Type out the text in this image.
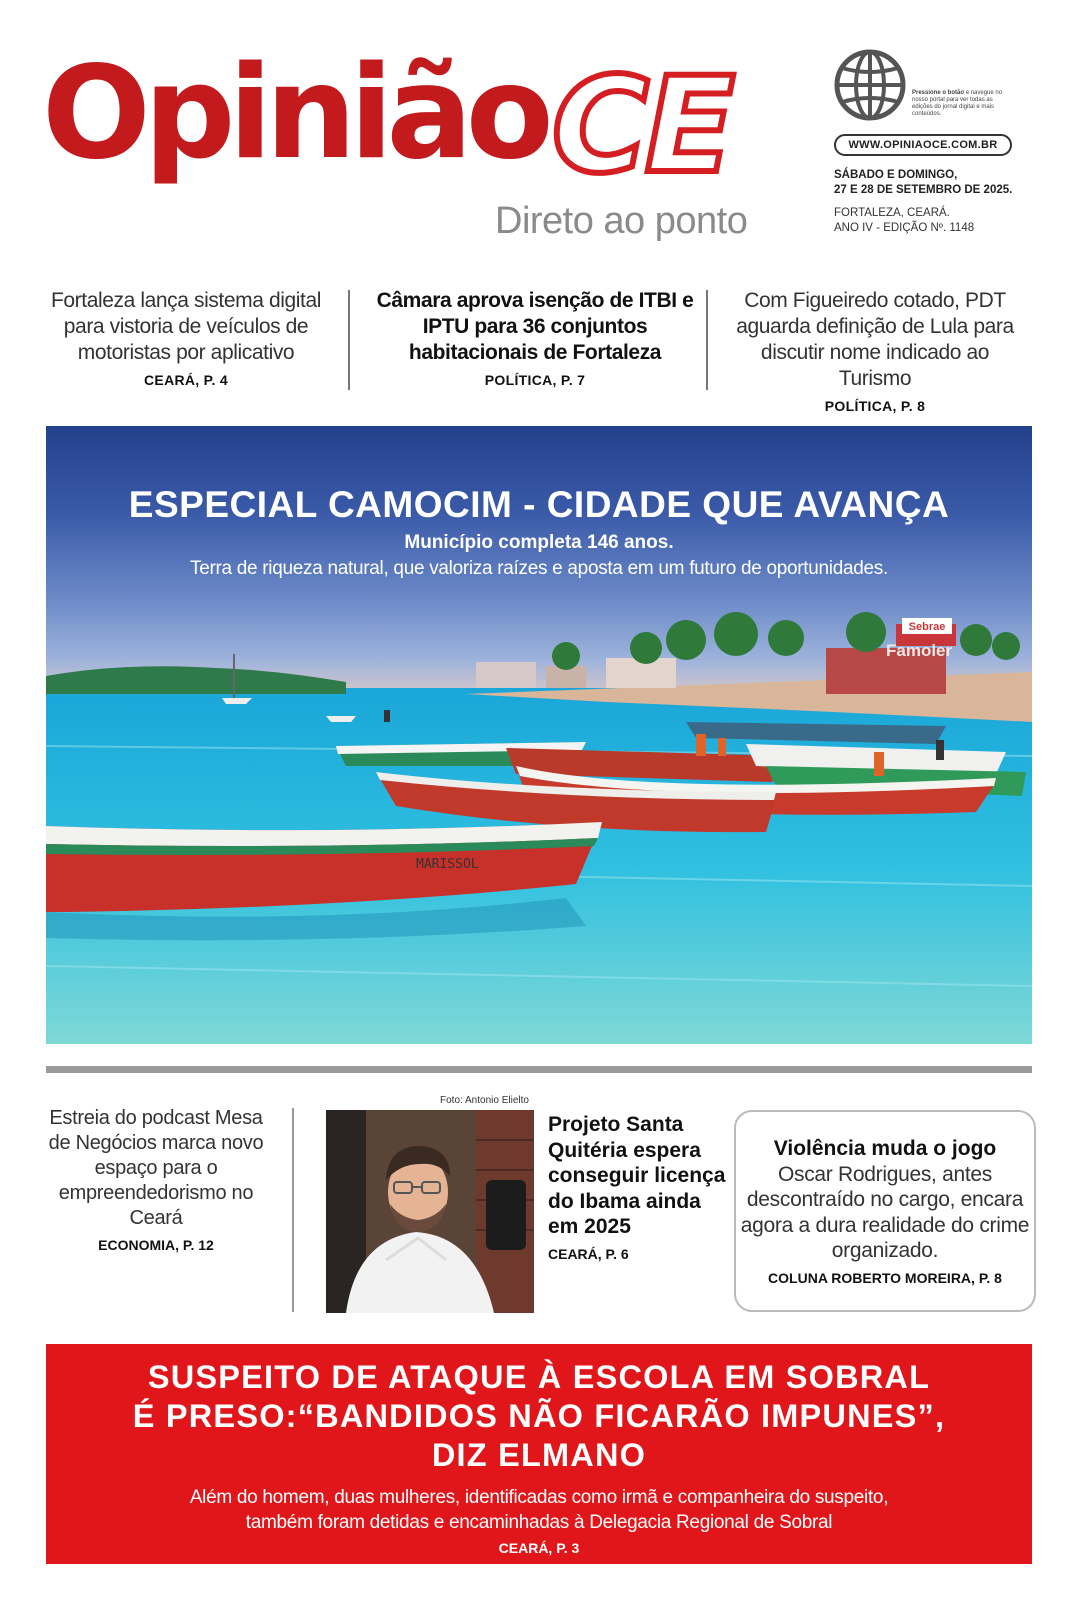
Opinião CE
Direto ao ponto
Pressione o botão e navegue no nosso portal para ver todas as edições do jornal digital e mais conteúdos.
WWW.OPINIAOCE.COM.BR
SÁBADO E DOMINGO,
27 E 28 DE SETEMBRO DE 2025.
FORTALEZA, CEARÁ.
ANO IV - EDIÇÃO Nº. 1148
Fortaleza lança sistema digital para vistoria de veículos de motoristas por aplicativo
CEARÁ, P. 4
Câmara aprova isenção de ITBI e IPTU para 36 conjuntos habitacionais de Fortaleza
POLÍTICA, P. 7
Com Figueiredo cotado, PDT aguarda definição de Lula para discutir nome indicado ao Turismo
POLÍTICA, P. 8
MARISSOL
Sebrae
Famoler
ESPECIAL CAMOCIM - CIDADE QUE AVANÇA
Município completa 146 anos.
Terra de riqueza natural, que valoriza raízes e aposta em um futuro de oportunidades.
Estreia do podcast Mesa de Negócios marca novo espaço para o empreendedorismo no Ceará
ECONOMIA, P. 12
Foto: Antonio Elielto
Projeto Santa Quitéria espera conseguir licença do Ibama ainda em 2025
CEARÁ, P. 6
Violência muda o jogo
Oscar Rodrigues, antes descontraído no cargo, encara agora a dura realidade do crime organizado.
COLUNA ROBERTO MOREIRA, P. 8
SUSPEITO DE ATAQUE À ESCOLA EM SOBRAL
É PRESO:“BANDIDOS NÃO FICARÃO IMPUNES”,
DIZ ELMANO
Além do homem, duas mulheres, identificadas como irmã e companheira do suspeito,
também foram detidas e encaminhadas à Delegacia Regional de Sobral
CEARÁ, P. 3
